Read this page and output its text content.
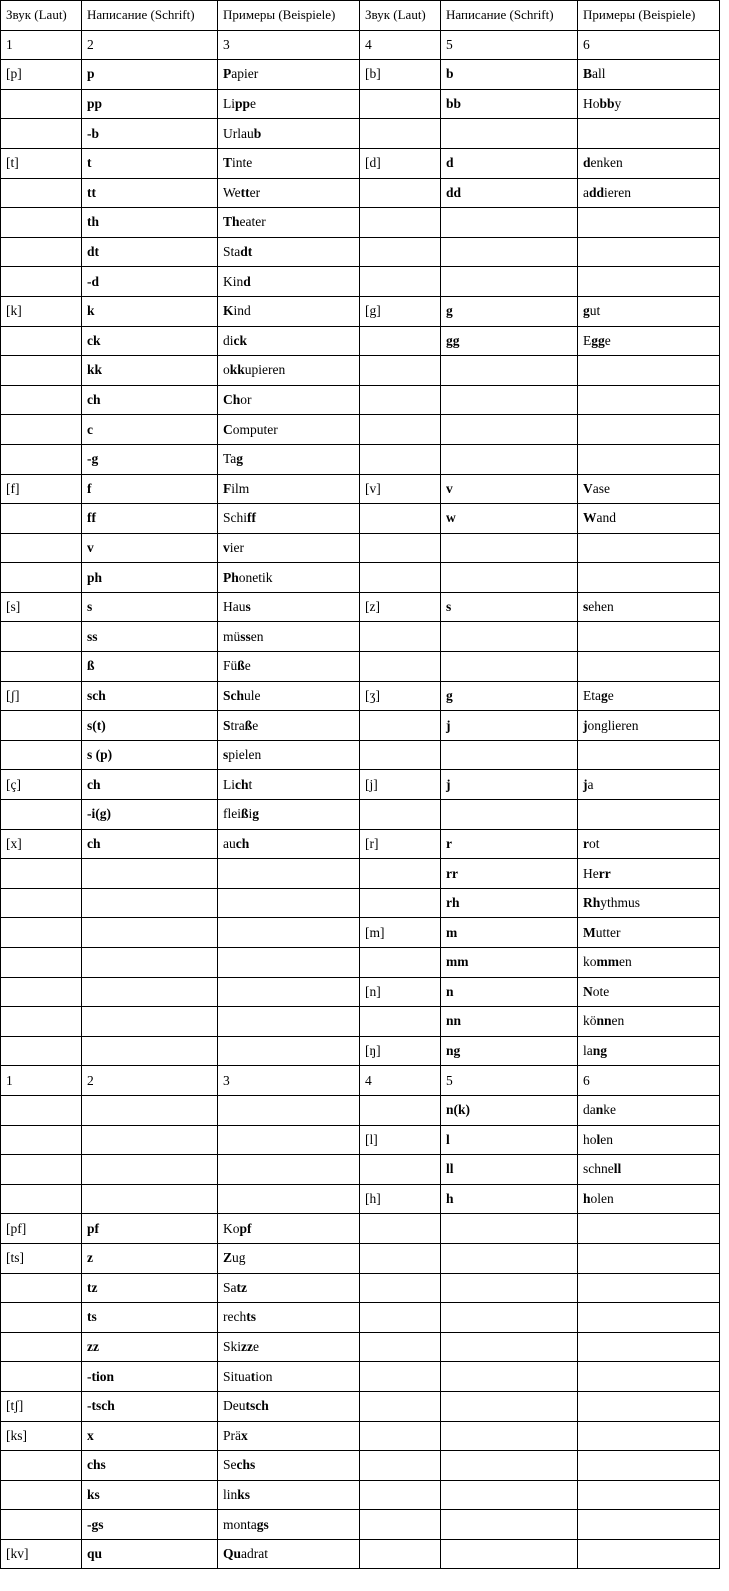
Звук (Laut)	Написание (Schrift)	Примеры (Beispiele)	Звук (Laut)	Написание (Schrift)	Примеры (Beispiele)
1	2	3	4	5	6
[p]	p	Papier	[b]	b	Ball
	pp	Lippe		bb	Hobby
	-b	Urlaub			
[t]	t	Tinte	[d]	d	denken
	tt	Wetter		dd	addieren
	th	Theater			
	dt	Stadt			
	-d	Kind			
[k]	k	Kind	[g]	g	gut
	ck	dick		gg	Egge
	kk	okkupieren			
	ch	Chor			
	c	Computer			
	-g	Tag			
[f]	f	Film	[v]	v	Vase
	ff	Schiff		w	Wand
	v	vier			
	ph	Phonetik			
[s]	s	Haus	[z]	s	sehen
	ss	müssen			
	ß	Füße			
[ʃ]	sch	Schule	[ʒ]	g	Etage
	s(t)	Straße		j	jonglieren
	s (p)	spielen			
[ç]	ch	Licht	[j]	j	ja
	-i(g)	fleißig			
[x]	ch	auch	[r]	r	rot
				rr	Herr
				rh	Rhythmus
			[m]	m	Mutter
				mm	kommen
			[n]	n	Note
				nn	können
			[ŋ]	ng	lang
1	2	3	4	5	6
				n(k)	danke
			[l]	l	holen
				ll	schnell
			[h]	h	holen
[pf]	pf	Kopf			
[ts]	z	Zug			
	tz	Satz			
	ts	rechts			
	zz	Skizze			
	-tion	Situation			
[tʃ]	-tsch	Deutsch			
[ks]	x	Präx			
	chs	Sechs			
	ks	links			
	-gs	montags			
[kv]	qu	Quadrat			
